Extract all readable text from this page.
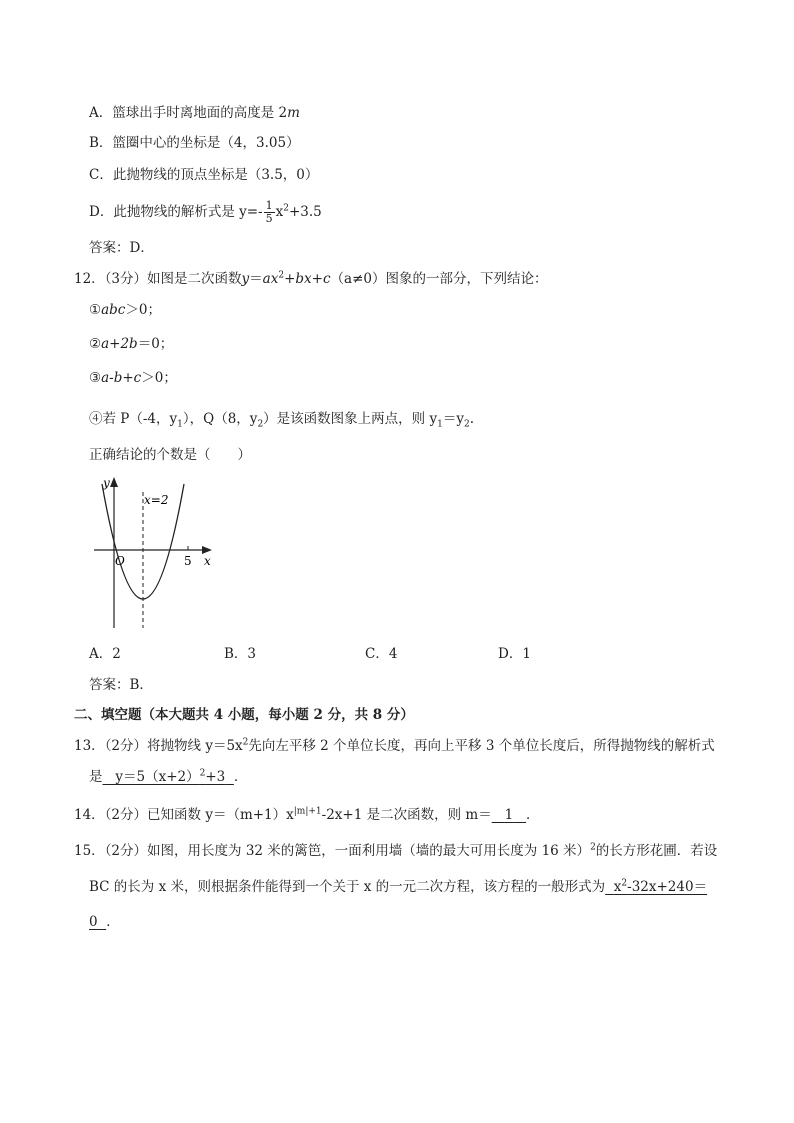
A．篮球出手时离地面的高度是 2m
B．篮圈中心的坐标是（4，3.05）
C．此抛物线的顶点坐标是（3.5，0）
D．此抛物线的解析式是 $y=- \frac{1}{5} x^2+3.5$
答案：D．
12．（3分）如图是二次函数$y=ax^2+bx+c(a\ne 0)$图象的一部分，下列结论：
①abc＞0；
②a+2b＝0；
③a-b+c＞0；
④若 P（-4，$y_1$），Q（8，$y_2$）是该函数图象上两点，则 $y_1=y_2$.
正确结论的个数是（　　）
y
x=2
O	5 x
A．2	B．3	C．4	D．1
答案：B．
二、填空题（本大题共 4 小题，每小题 2 分，共 8 分）
13．（2分）将抛物线 $y=5x^2$先向左平移 2 个单位长度，再向上平移 3 个单位长度后，所得抛物线的解析式
是 $y=5(x+2)^2+3$ ．
14．（2分）已知函数 $y=(m+1)x^{|m|+1}-2x+1$ 是二次函数，则 m＝ 1 ．
15．（2分）如图，用长度为 32 米的篱笆，一面利用墙（墙的最大可用长度为 16 米）$^2$的长方形花圃．若设
BC 的长为 x 米，则根据条件能得到一个关于 x 的一元二次方程，该方程的一般形式为 $x^2-32x+240=$
0 ．
